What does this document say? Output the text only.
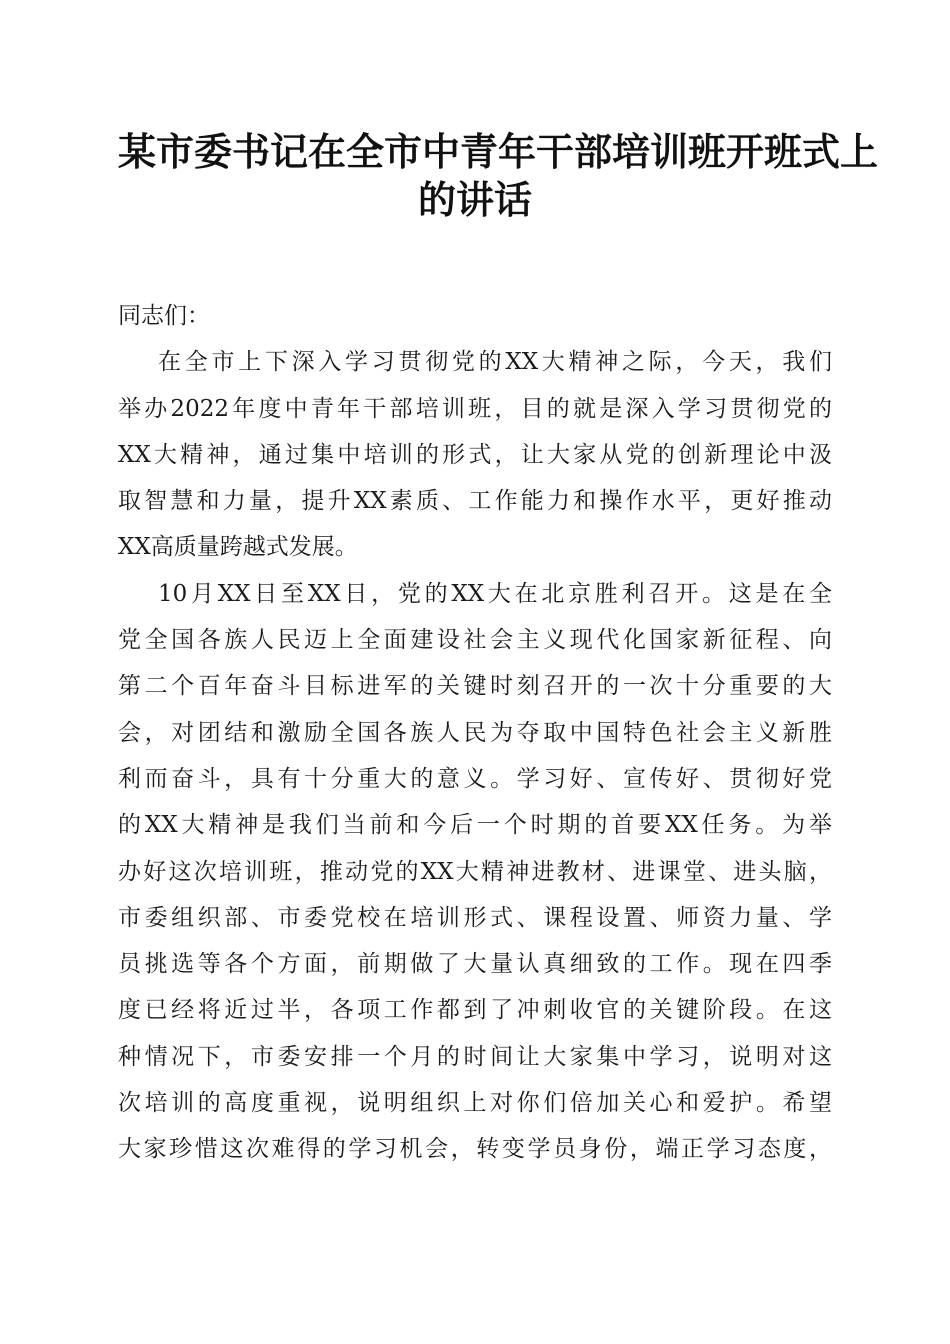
某市委书记在全市中青年干部培训班开班式上
的讲话

同志们：

在全市上下深入学习贯彻党的XX大精神之际，今天，我们
举办2022年度中青年干部培训班，目的就是深入学习贯彻党的
XX大精神，通过集中培训的形式，让大家从党的创新理论中汲
取智慧和力量，提升XX素质、工作能力和操作水平，更好推动
XX高质量跨越式发展。

10月XX日至XX日，党的XX大在北京胜利召开。这是在全
党全国各族人民迈上全面建设社会主义现代化国家新征程、向
第二个百年奋斗目标进军的关键时刻召开的一次十分重要的大
会，对团结和激励全国各族人民为夺取中国特色社会主义新胜
利而奋斗，具有十分重大的意义。学习好、宣传好、贯彻好党
的XX大精神是我们当前和今后一个时期的首要XX任务。为举
办好这次培训班，推动党的XX大精神进教材、进课堂、进头脑，
市委组织部、市委党校在培训形式、课程设置、师资力量、学
员挑选等各个方面，前期做了大量认真细致的工作。现在四季
度已经将近过半，各项工作都到了冲刺收官的关键阶段。在这
种情况下，市委安排一个月的时间让大家集中学习，说明对这
次培训的高度重视，说明组织上对你们倍加关心和爱护。希望
大家珍惜这次难得的学习机会，转变学员身份，端正学习态度，
